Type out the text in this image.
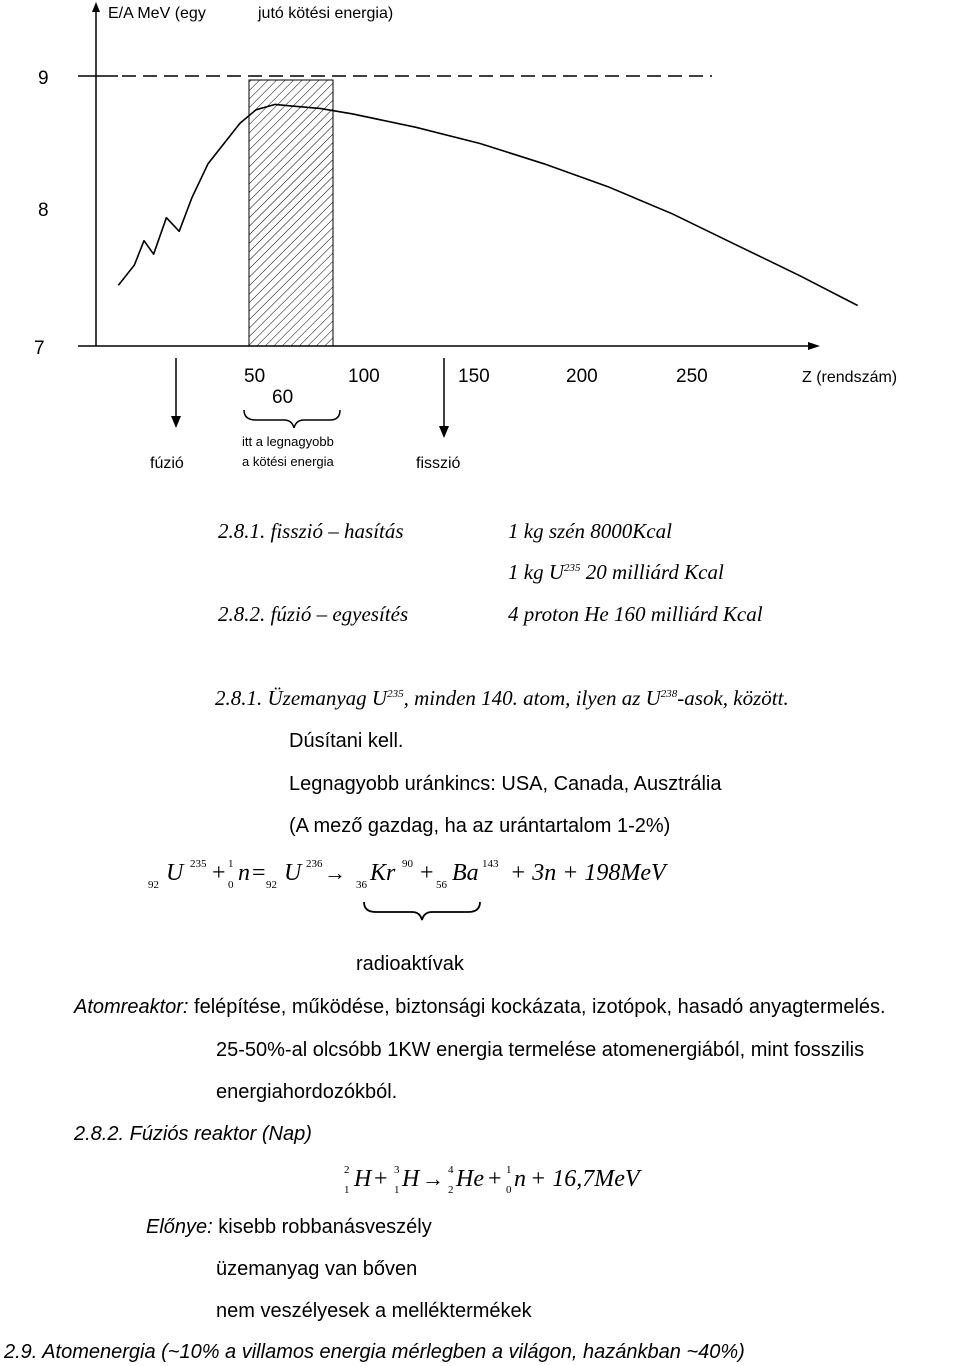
9
8
7
50	100	150	200	250
60
E/A MeV (egy	jutó kötési energia)
Z (rendszám)
fúzió	fisszió
itt a legnagyobb
a kötési energia
2.8.1. fisszió – hasítás	1 kg szén 8000Kcal
1 kg $U^{235}$ 20 milliárd Kcal
2.8.2. fúzió – egyesítés	4 proton He 160 milliárd Kcal
2.8.1. Üzemanyag $U^{235}$, minden 140. atom, ilyen az $U^{238}$-asok, között.
Dúsítani kell.
Legnagyobb uránkincs: USA, Canada, Ausztrália
(A mező gazdag, ha az urántartalom 1-2%)
92 U 235 + 1
0 n = 92 U 236 → 36 Kr 90 + 56 Ba 143 + 3n + 198MeV
radioaktívak
Atomreaktor: felépítése, működése, biztonsági kockázata, izotópok, hasadó anyagtermelés.
25-50%-al olcsóbb 1KW energia termelése atomenergiából, mint fosszilis
energiahordozókból.
2.8.2. Fúziós reaktor (Nap)
2
1 H + 3
1 H → 4
2 He + 1
0 n + 16,7MeV
Előnye: kisebb robbanásveszély
üzemanyag van bőven
nem veszélyesek a melléktermékek
2.9. Atomenergia (~10% a villamos energia mérlegben a világon, hazánkban ~40%)
